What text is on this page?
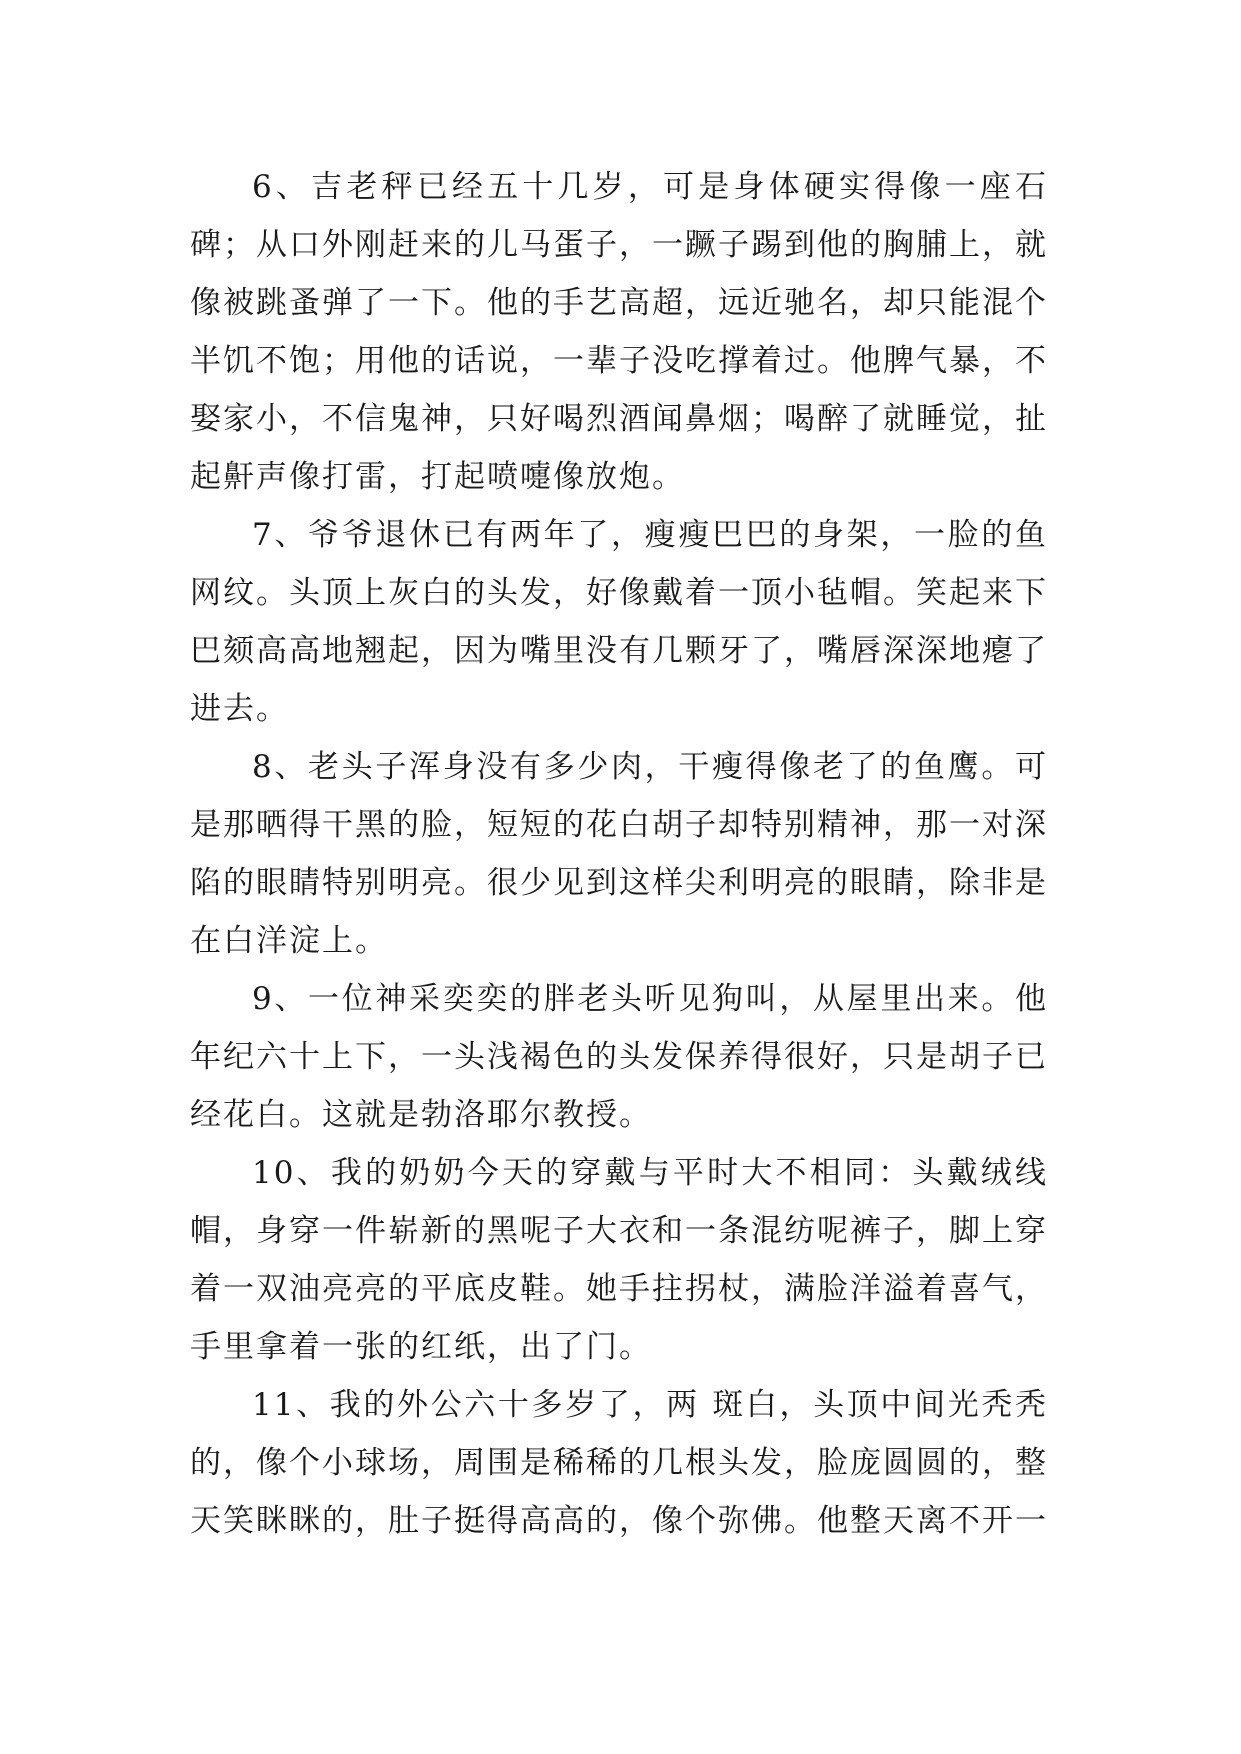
6、吉老秤已经五十几岁，可是身体硬实得像一座石碑；从口外刚赶来的儿马蛋子，一蹶子踢到他的胸脯上，就像被跳蚤弹了一下。他的手艺高超，远近驰名，却只能混个半饥不饱；用他的话说，一辈子没吃撑着过。他脾气暴，不娶家小，不信鬼神，只好喝烈酒闻鼻烟；喝醉了就睡觉，扯起鼾声像打雷，打起喷嚏像放炮。

7、爷爷退休已有两年了，瘦瘦巴巴的身架，一脸的鱼网纹。头顶上灰白的头发，好像戴着一顶小毡帽。笑起来下巴颏高高地翘起，因为嘴里没有几颗牙了，嘴唇深深地瘪了进去。

8、老头子浑身没有多少肉，干瘦得像老了的鱼鹰。可是那晒得干黑的脸，短短的花白胡子却特别精神，那一对深陷的眼睛特别明亮。很少见到这样尖利明亮的眼睛，除非是在白洋淀上。

9、一位神采奕奕的胖老头听见狗叫，从屋里出来。他年纪六十上下，一头浅褐色的头发保养得很好，只是胡子已经花白。这就是勃洛耶尔教授。

10、我的奶奶今天的穿戴与平时大不相同：头戴绒线帽，身穿一件崭新的黑呢子大衣和一条混纺呢裤子，脚上穿着一双油亮亮的平底皮鞋。她手拄拐杖，满脸洋溢着喜气，手里拿着一张的红纸，出了门。

11、我的外公六十多岁了，两 斑白，头顶中间光秃秃的，像个小球场，周围是稀稀的几根头发，脸庞圆圆的，整天笑眯眯的，肚子挺得高高的，像个弥佛。他整天离不开一
